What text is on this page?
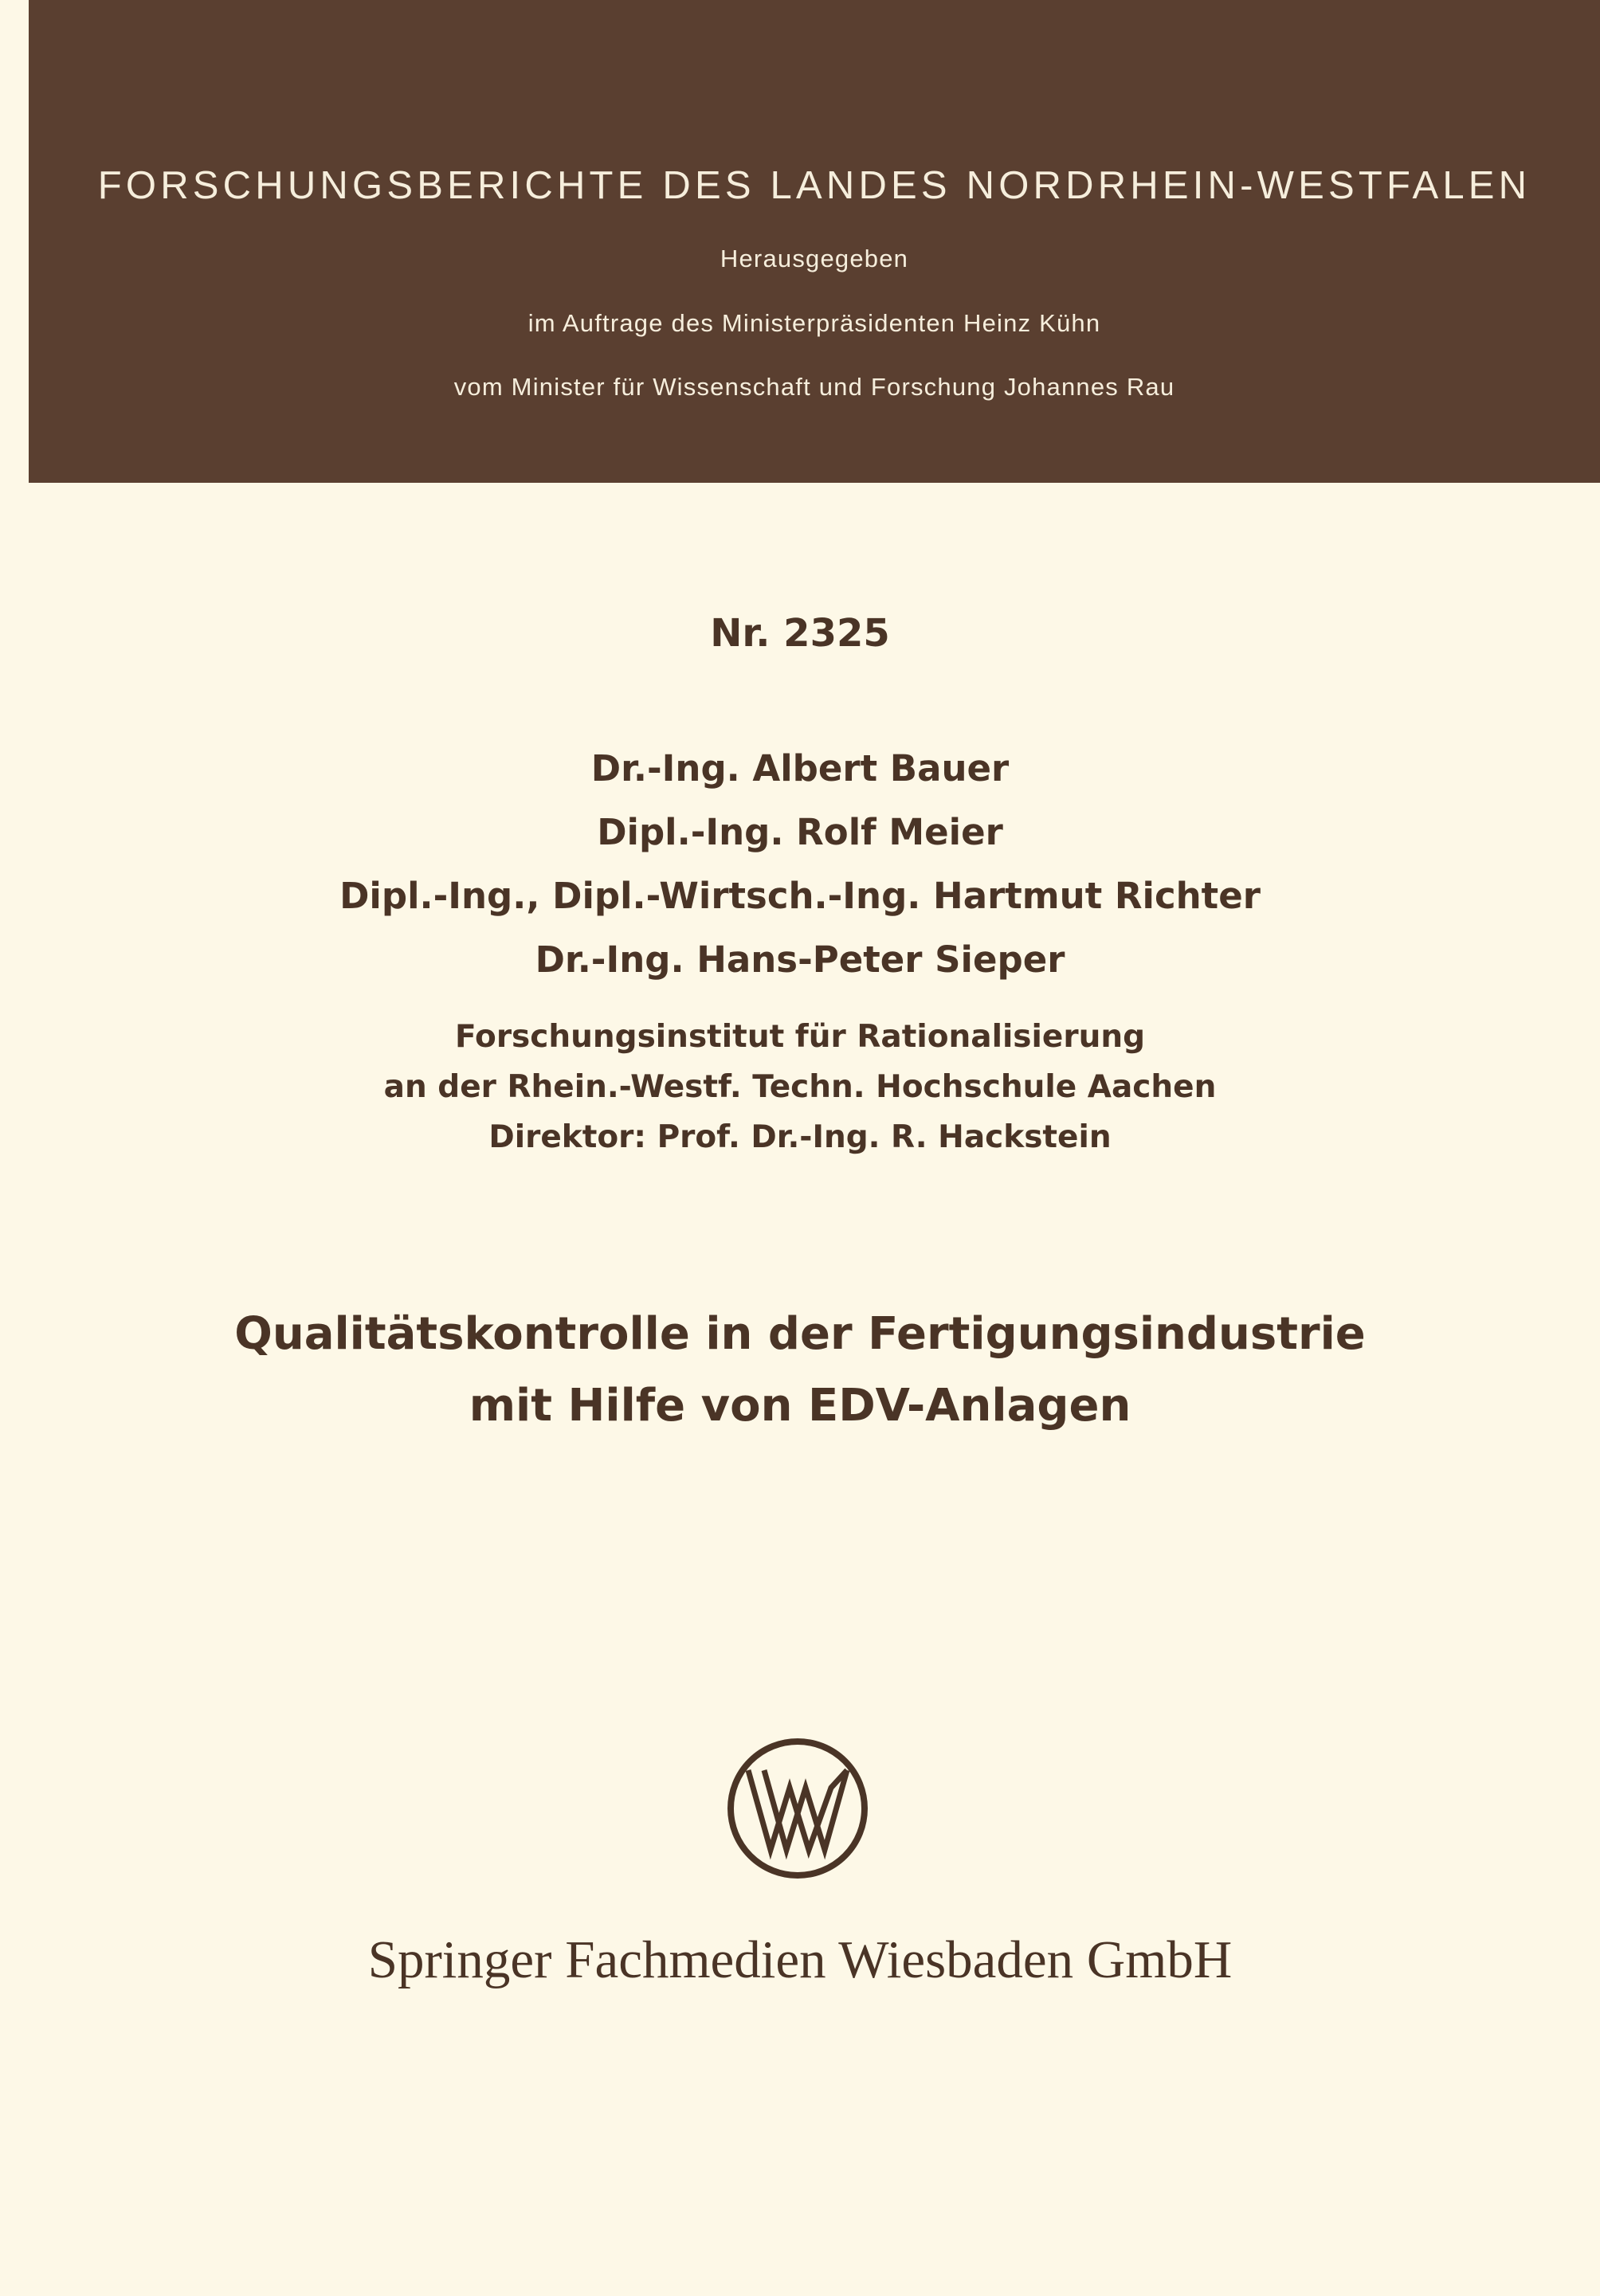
FORSCHUNGSBERICHTE DES LANDES NORDRHEIN-WESTFALEN
Herausgegeben
im Auftrage des Ministerpräsidenten Heinz Kühn
vom Minister für Wissenschaft und Forschung Johannes Rau
Nr. 2325
Dr.-Ing. Albert Bauer
Dipl.-Ing. Rolf Meier
Dipl.-Ing., Dipl.-Wirtsch.-Ing. Hartmut Richter
Dr.-Ing. Hans-Peter Sieper
Forschungsinstitut für Rationalisierung
an der Rhein.-Westf. Techn. Hochschule Aachen
Direktor: Prof. Dr.-Ing. R. Hackstein
Qualitätskontrolle in der Fertigungsindustrie
mit Hilfe von EDV-Anlagen
Springer Fachmedien Wiesbaden GmbH
